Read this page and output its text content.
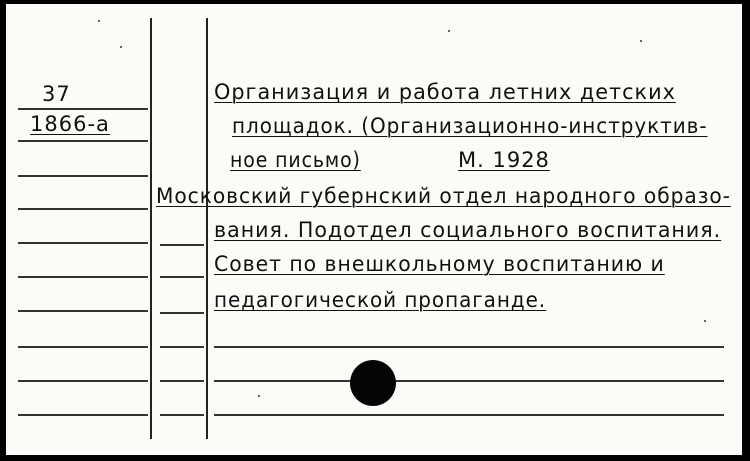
37
1866-a
Организация и работа летних детских
площадок. (Организационно-инструктив-
ное письмо)	М. 1928
Московский губернский отдел народного образо-
вания. Подотдел социального воспитания.
Совет по внешкольному воспитанию и
педагогической пропаганде.
